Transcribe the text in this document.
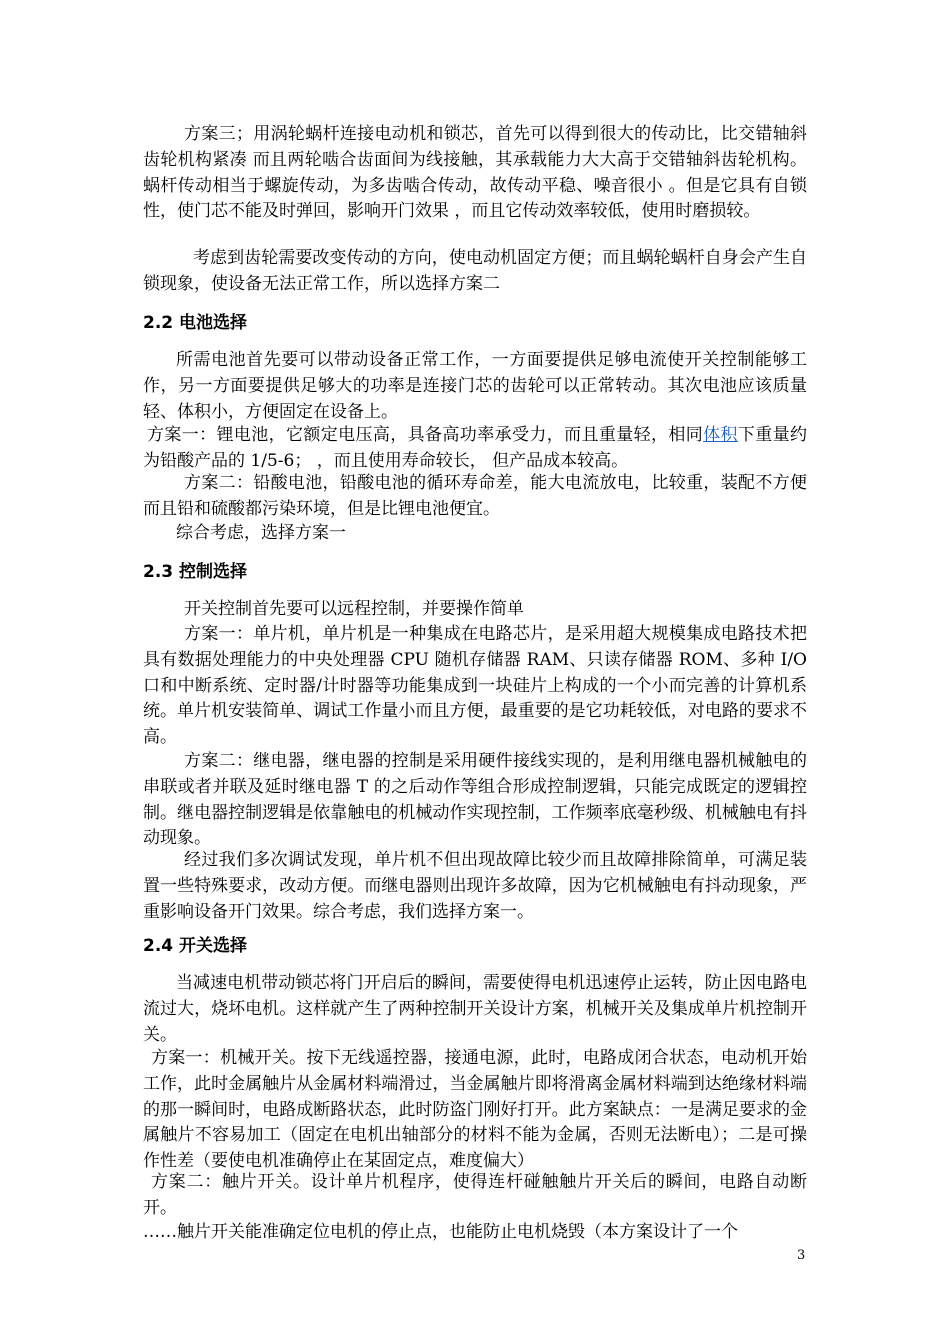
方案三；用涡轮蜗杆连接电动机和锁芯，首先可以得到很大的传动比，比交错轴斜齿轮机构紧凑 而且两轮啮合齿面间为线接触，其承载能力大大高于交错轴斜齿轮机构。蜗杆传动相当于螺旋传动，为多齿啮合传动，故传动平稳、噪音很小 。但是它具有自锁性，使门芯不能及时弹回，影响开门效果 ，而且它传动效率较低，使用时磨损较。

考虑到齿轮需要改变传动的方向，使电动机固定方便；而且蜗轮蜗杆自身会产生自锁现象，使设备无法正常工作，所以选择方案二

2.2 电池选择

所需电池首先要可以带动设备正常工作，一方面要提供足够电流使开关控制能够工作，另一方面要提供足够大的功率是连接门芯的齿轮可以正常转动。其次电池应该质量轻、体积小，方便固定在设备上。

方案一：锂电池，它额定电压高，具备高功率承受力，而且重量轻，相同体积下重量约为铅酸产品的 1/5-6； ，而且使用寿命较长， 但产品成本较高。

方案二：铅酸电池，铅酸电池的循环寿命差，能大电流放电，比较重，装配不方便而且铅和硫酸都污染环境，但是比锂电池便宜。

综合考虑，选择方案一

2.3 控制选择

开关控制首先要可以远程控制，并要操作简单

方案一：单片机，单片机是一种集成在电路芯片，是采用超大规模集成电路技术把具有数据处理能力的中央处理器 CPU 随机存储器 RAM、只读存储器 ROM、多种 I/O 口和中断系统、定时器/计时器等功能集成到一块硅片上构成的一个小而完善的计算机系统。单片机安装简单、调试工作量小而且方便，最重要的是它功耗较低，对电路的要求不高。

方案二：继电器，继电器的控制是采用硬件接线实现的，是利用继电器机械触电的串联或者并联及延时继电器 T 的之后动作等组合形成控制逻辑，只能完成既定的逻辑控制。继电器控制逻辑是依靠触电的机械动作实现控制，工作频率底毫秒级、机械触电有抖动现象。

经过我们多次调试发现，单片机不但出现故障比较少而且故障排除简单，可满足装置一些特殊要求，改动方便。而继电器则出现许多故障，因为它机械触电有抖动现象，严重影响设备开门效果。综合考虑，我们选择方案一。

2.4 开关选择

当减速电机带动锁芯将门开启后的瞬间，需要使得电机迅速停止运转，防止因电路电流过大，烧坏电机。这样就产生了两种控制开关设计方案，机械开关及集成单片机控制开关。

方案一：机械开关。按下无线遥控器，接通电源，此时，电路成闭合状态，电动机开始工作，此时金属触片从金属材料端滑过，当金属触片即将滑离金属材料端到达绝缘材料端的那一瞬间时，电路成断路状态，此时防盗门刚好打开。此方案缺点：一是满足要求的金属触片不容易加工（固定在电机出轴部分的材料不能为金属，否则无法断电）；二是可操作性差（要使电机准确停止在某固定点，难度偏大）

方案二：触片开关。设计单片机程序，使得连杆碰触触片开关后的瞬间，电路自动断开。

……触片开关能准确定位电机的停止点，也能防止电机烧毁（本方案设计了一个

3
